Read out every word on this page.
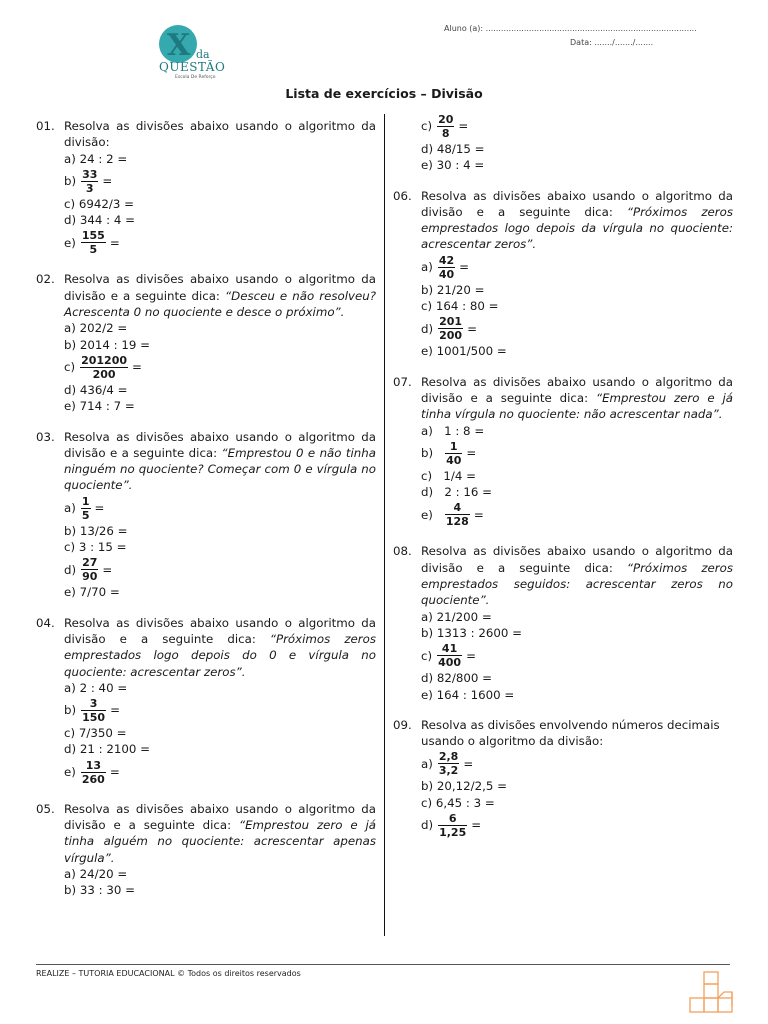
X da
QUESTÃO
Escola De Reforço
Aluno (a): ...................................................................................
Data: ......./......./.......
Lista de exercícios – Divisão
01. Resolva as divisões abaixo usando o algoritmo da divisão:
a) 24 : 2 =
$b) \frac{33}{3}$ =
c) 6942/3 =
d) 344 : 4 =
$e) \frac{155}{5}$ =
02. Resolva as divisões abaixo usando o algoritmo da divisão e a seguinte dica: “Desceu e não resolveu? Acrescenta 0 no quociente e desce o próximo”.
a) 202/2 =
b) 2014 : 19 =
$c) \frac{201200}{200}$ =
d) 436/4 =
e) 714 : 7 =
03. Resolva as divisões abaixo usando o algoritmo da divisão e a seguinte dica: “Emprestou 0 e não tinha ninguém no quociente? Começar com 0 e vírgula no quociente”.
$a) \frac{1}{5}$ =
b) 13/26 =
c) 3 : 15 =
$d) \frac{27}{90}$ =
e) 7/70 =
04. Resolva as divisões abaixo usando o algoritmo da divisão e a seguinte dica: “Próximos zeros emprestados logo depois do 0 e vírgula no quociente: acrescentar zeros”.
a) 2 : 40 =
$b) \frac{3}{150}$ =
c) 7/350 =
d) 21 : 2100 =
$e) \frac{13}{260}$ =
05. Resolva as divisões abaixo usando o algoritmo da divisão e a seguinte dica: “Emprestou zero e já tinha alguém no quociente: acrescentar apenas vírgula”.
a) 24/20 =
b) 33 : 30 =
$c) \frac{20}{8}$ =
d) 48/15 =
e) 30 : 4 =
06. Resolva as divisões abaixo usando o algoritmo da divisão e a seguinte dica: “Próximos zeros emprestados logo depois da vírgula no quociente: acrescentar zeros”.
$a) \frac{42}{40}$ =
b) 21/20 =
c) 164 : 80 =
$d) \frac{201}{200}$ =
e) 1001/500 =
07. Resolva as divisões abaixo usando o algoritmo da divisão e a seguinte dica: “Emprestou zero e já tinha vírgula no quociente: não acrescentar nada”.
a)   1 : 8 =
$b) \frac{1}{40}$ =
c)   1/4 =
d)   2 : 16 =
$e) \frac{4}{128}$ =
08. Resolva as divisões abaixo usando o algoritmo da divisão e a seguinte dica: “Próximos zeros emprestados seguidos: acrescentar zeros no quociente”.
a) 21/200 =
b) 1313 : 2600 =
$c) \frac{41}{400}$ =
d) 82/800 =
e) 164 : 1600 =
09. Resolva as divisões envolvendo números decimais usando o algoritmo da divisão:
$a) \frac{2,8}{3,2}$ =
b) 20,12/2,5 =
c) 6,45 : 3 =
$d) \frac{6}{1,25}$ =
REALIZE – TUTORIA EDUCACIONAL © Todos os direitos reservados
